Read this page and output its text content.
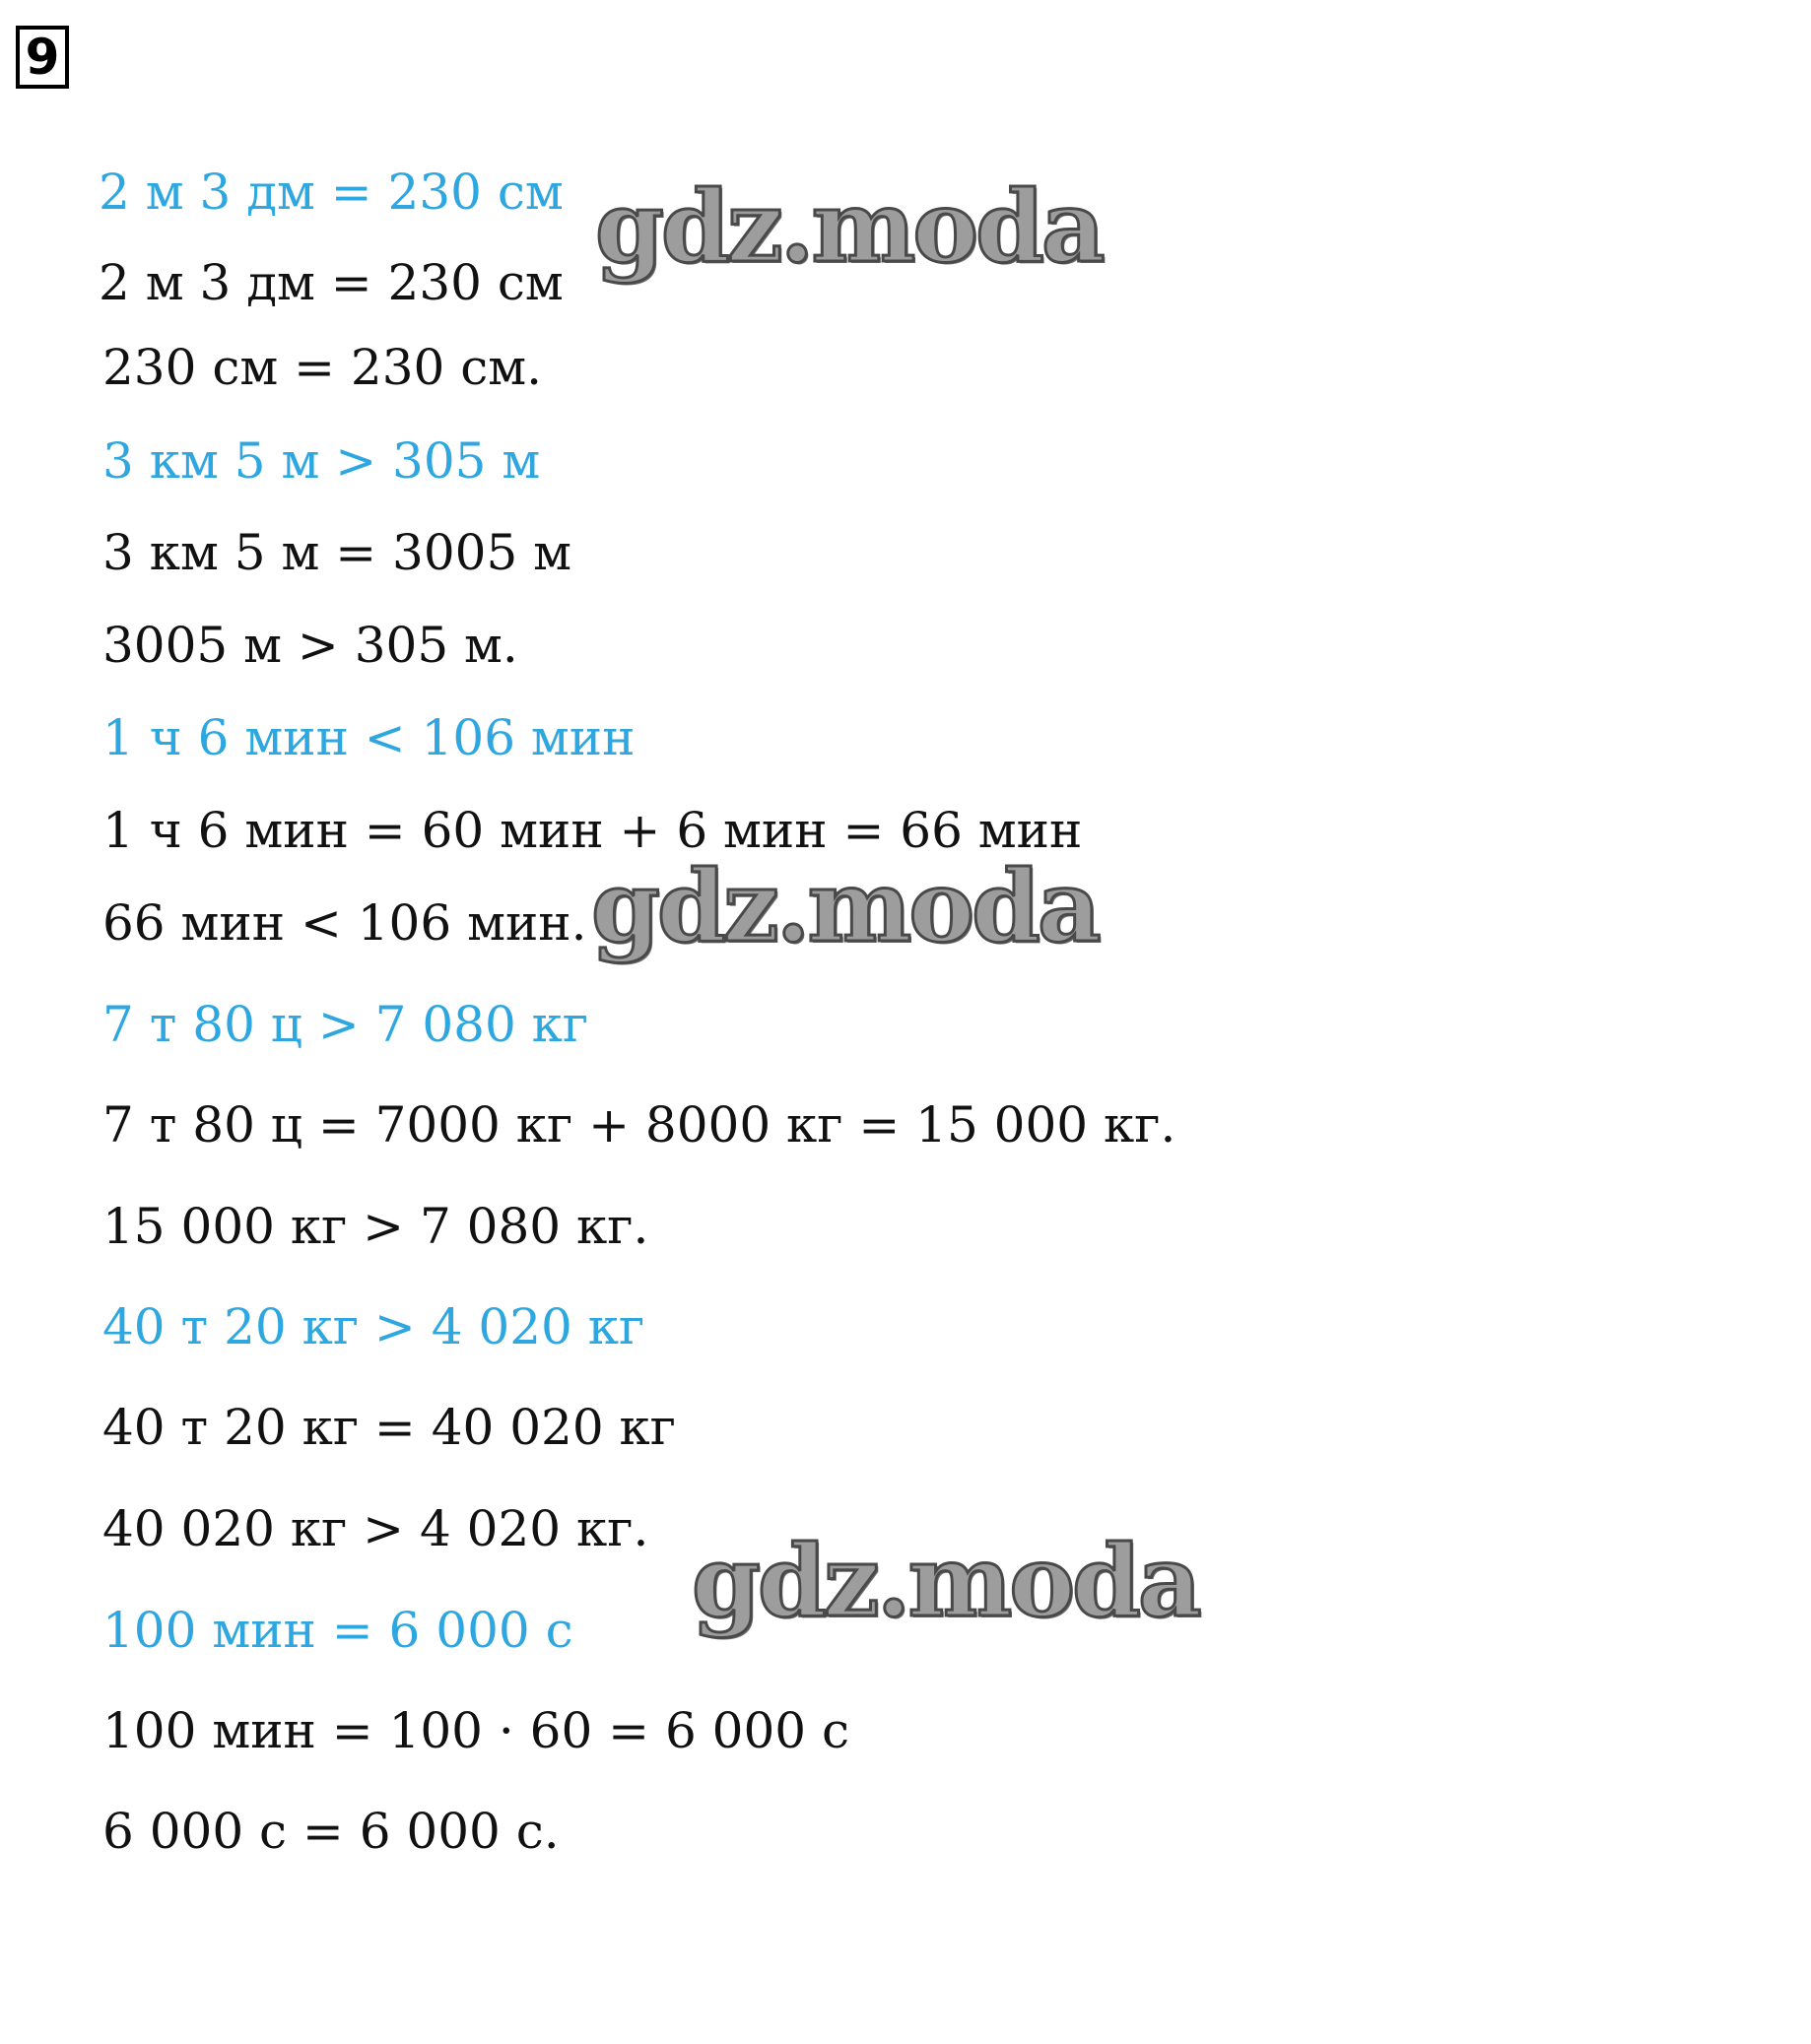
9
2 м 3 дм = 230 см
2 м 3 дм = 230 см
230 см = 230 см.
3 км 5 м > 305 м
3 км 5 м = 3005 м
3005 м > 305 м.
1 ч 6 мин < 106 мин
1 ч 6 мин = 60 мин + 6 мин = 66 мин
66 мин < 106 мин.
7 т 80 ц > 7 080 кг
7 т 80 ц = 7000 кг + 8000 кг = 15 000 кг.
15 000 кг > 7 080 кг.
40 т 20 кг > 4 020 кг
40 т 20 кг = 40 020 кг
40 020 кг > 4 020 кг.
100 мин = 6 000 с
100 мин = 100 · 60 = 6 000 с
6 000 с = 6 000 с.
gdz.moda
gdz.moda
gdz.moda
